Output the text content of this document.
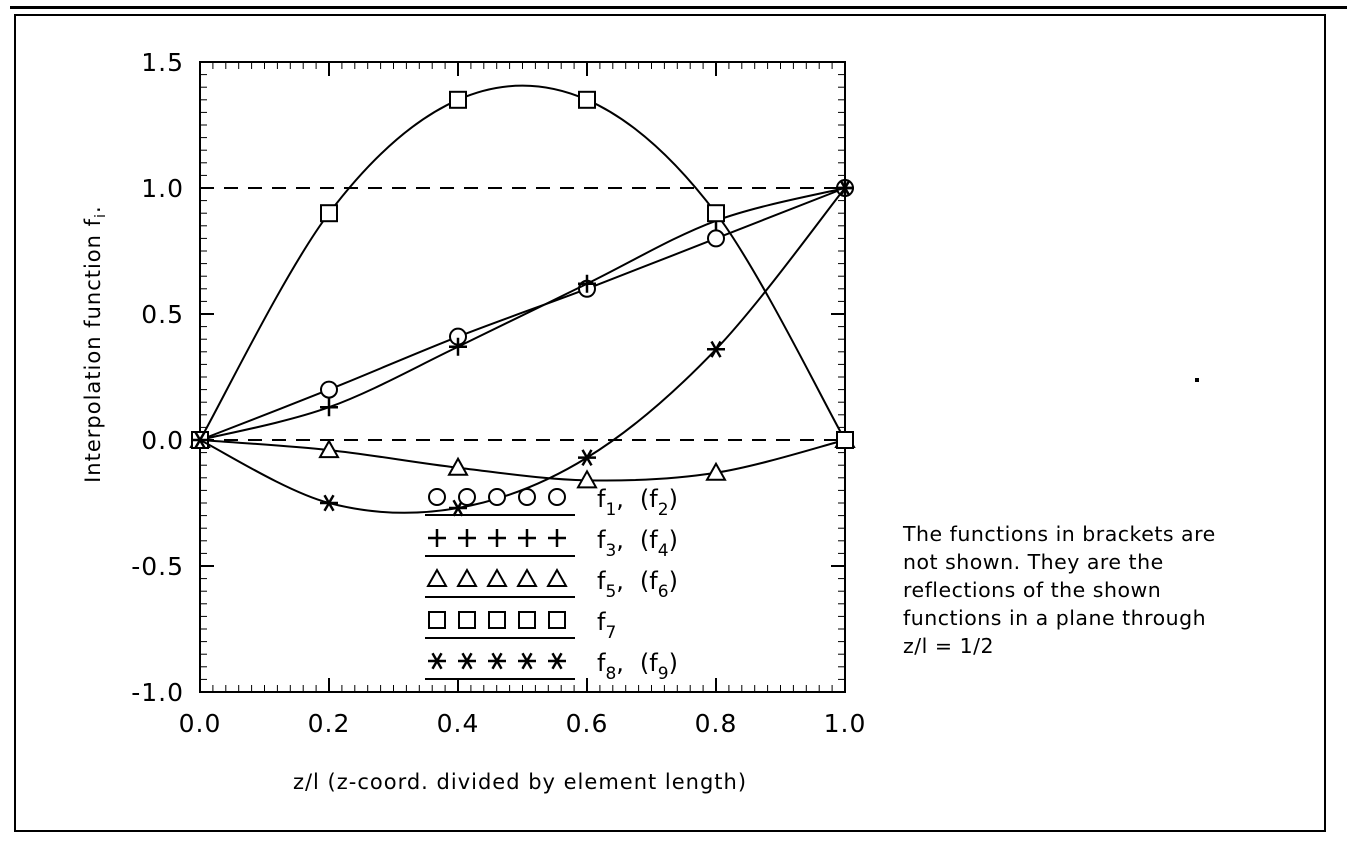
0.0	0.2	0.4	0.6	0.8	1.0
-1.0
-0.5
0.0
0.5
1.0
1.5
$f_1$, $(f_2)$
$f_3$, $(f_4)$
$f_5$, $(f_6)$
$f_7$
$f_8$, $(f_9)$
Interpolation function $f_i$.
z/l (z-coord. divided by element length)
The functions in brackets are not shown. They are the reflections of the shown functions in a plane through z/l = 1/2
